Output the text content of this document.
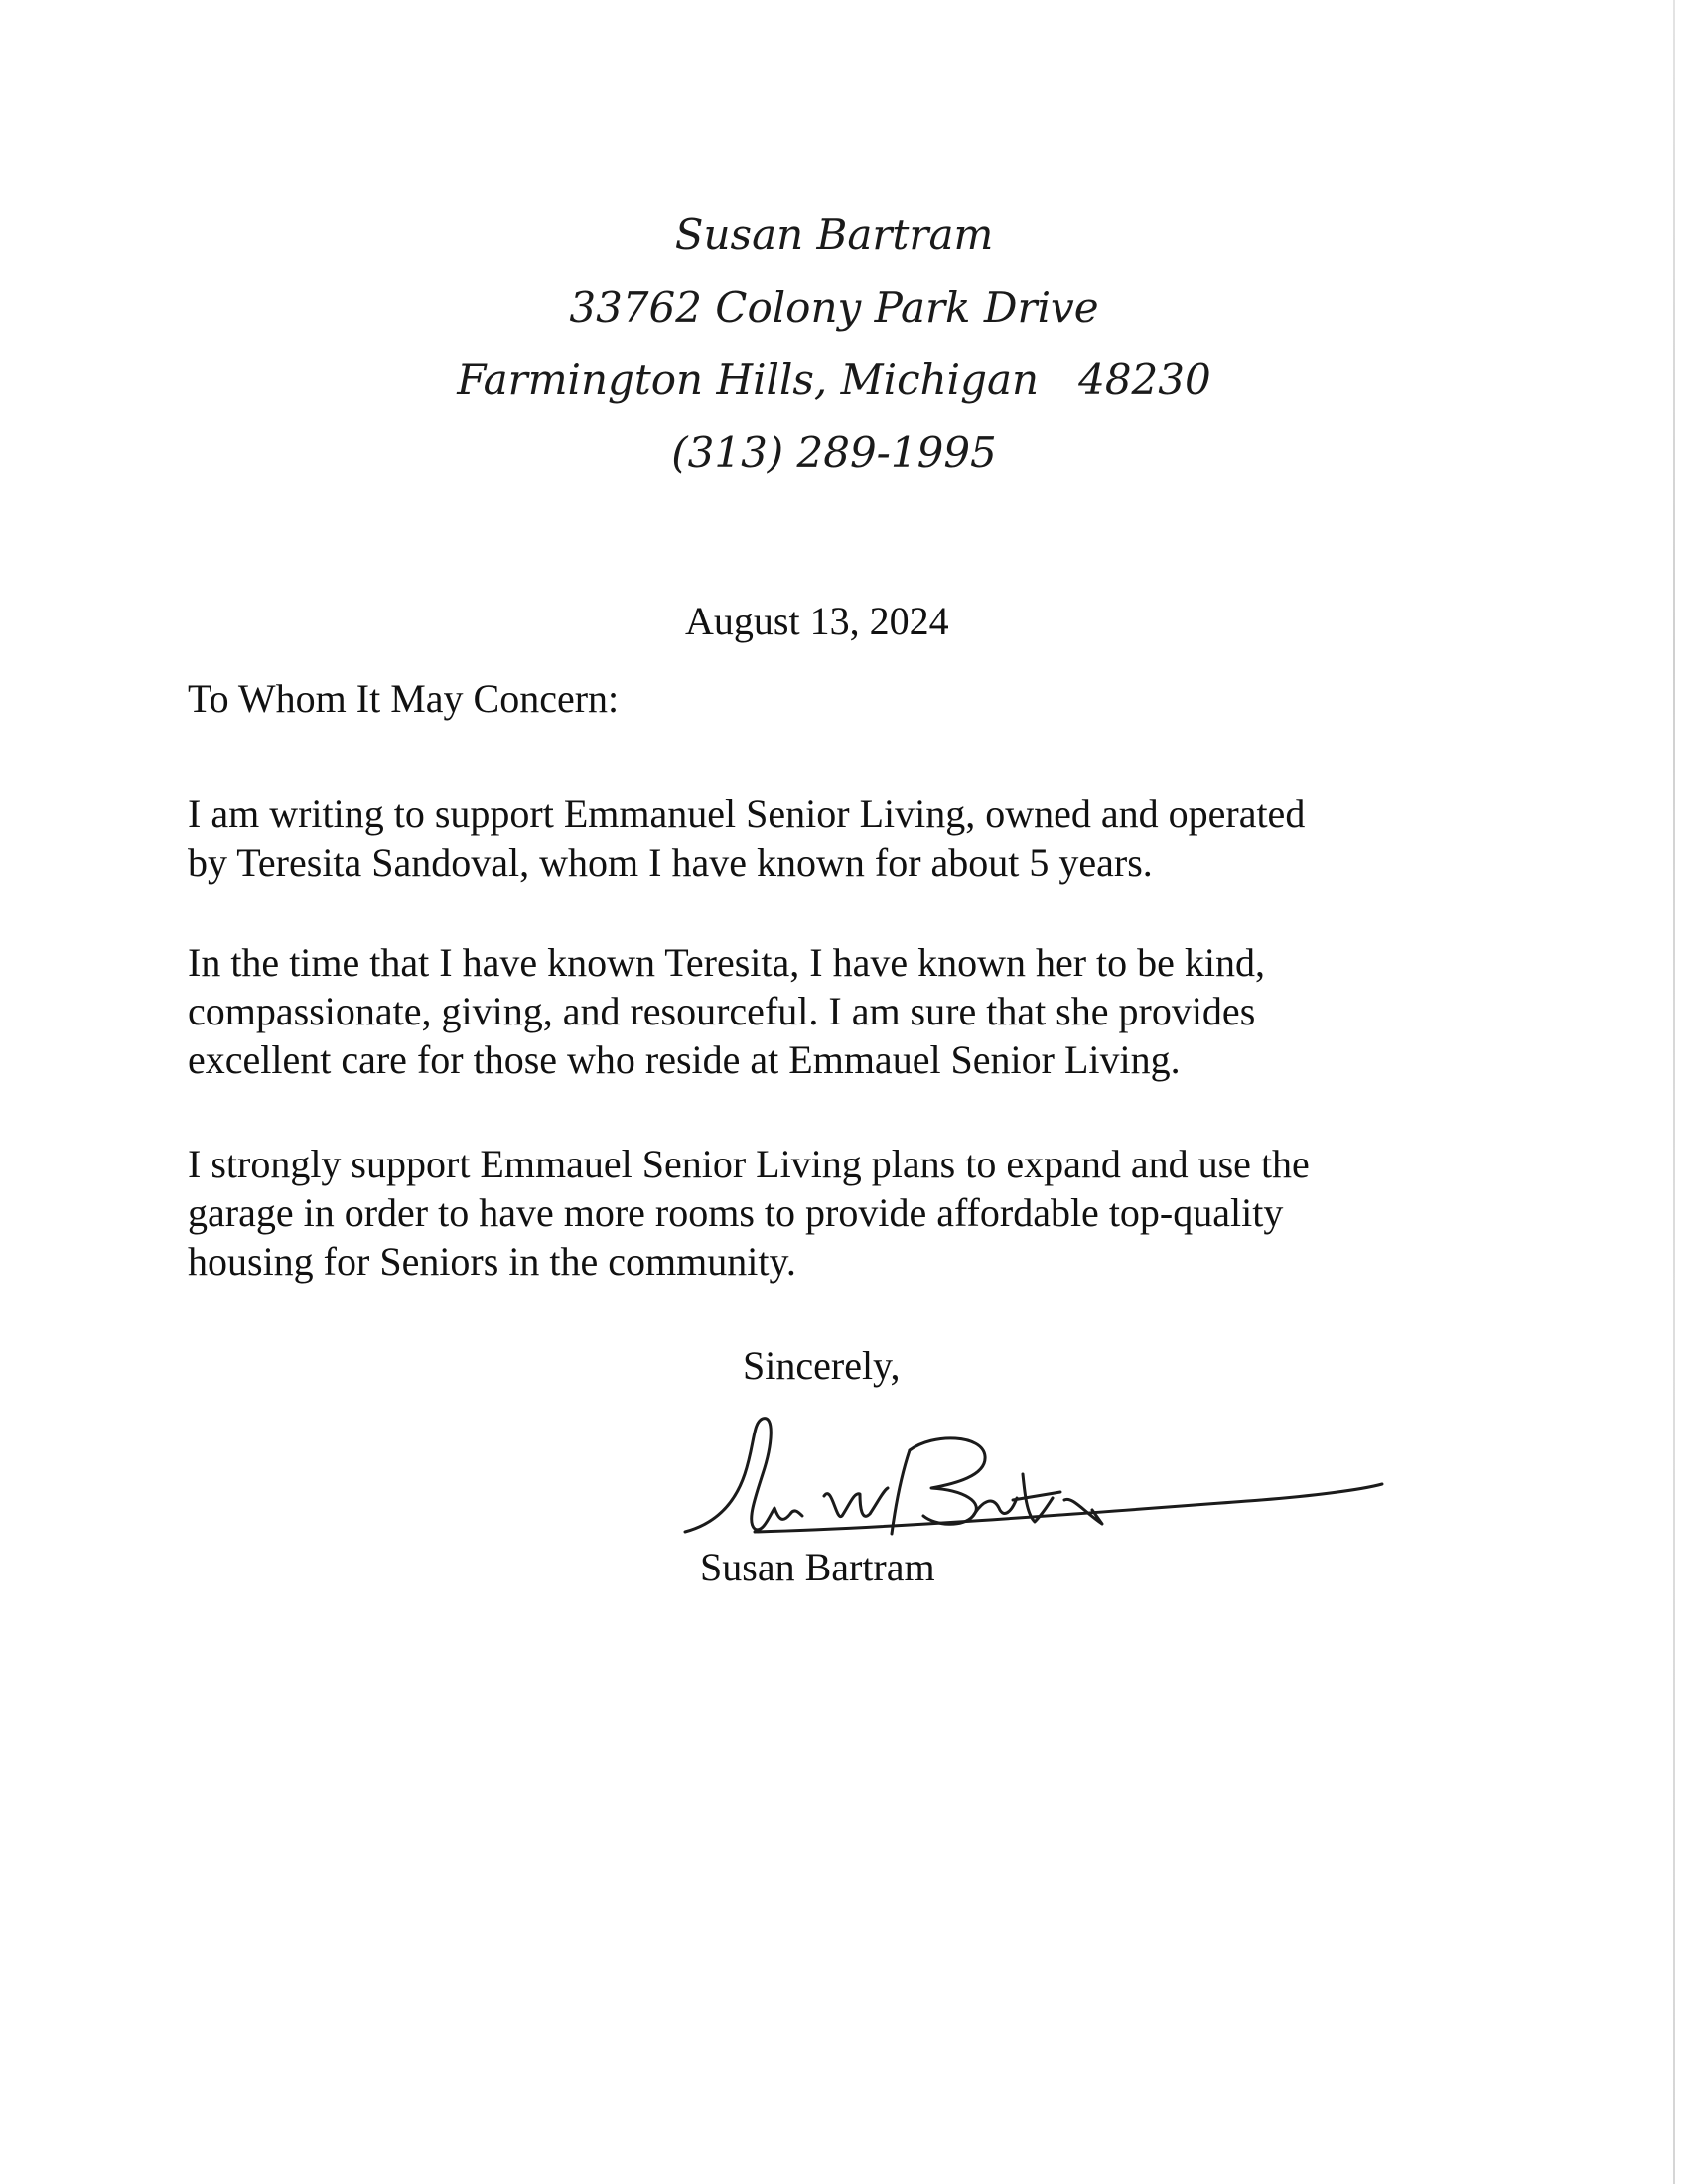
Susan Bartram
33762 Colony Park Drive
Farmington Hills, Michigan 48230
(313) 289-1995
August 13, 2024
To Whom It May Concern:
I am writing to support Emmanuel Senior Living, owned and operated
by Teresita Sandoval, whom I have known for about 5 years.
In the time that I have known Teresita, I have known her to be kind,
compassionate, giving, and resourceful. I am sure that she provides
excellent care for those who reside at Emmauel Senior Living.
I strongly support Emmauel Senior Living plans to expand and use the
garage in order to have more rooms to provide affordable top-quality
housing for Seniors in the community.
Sincerely,
Susan Bartram
